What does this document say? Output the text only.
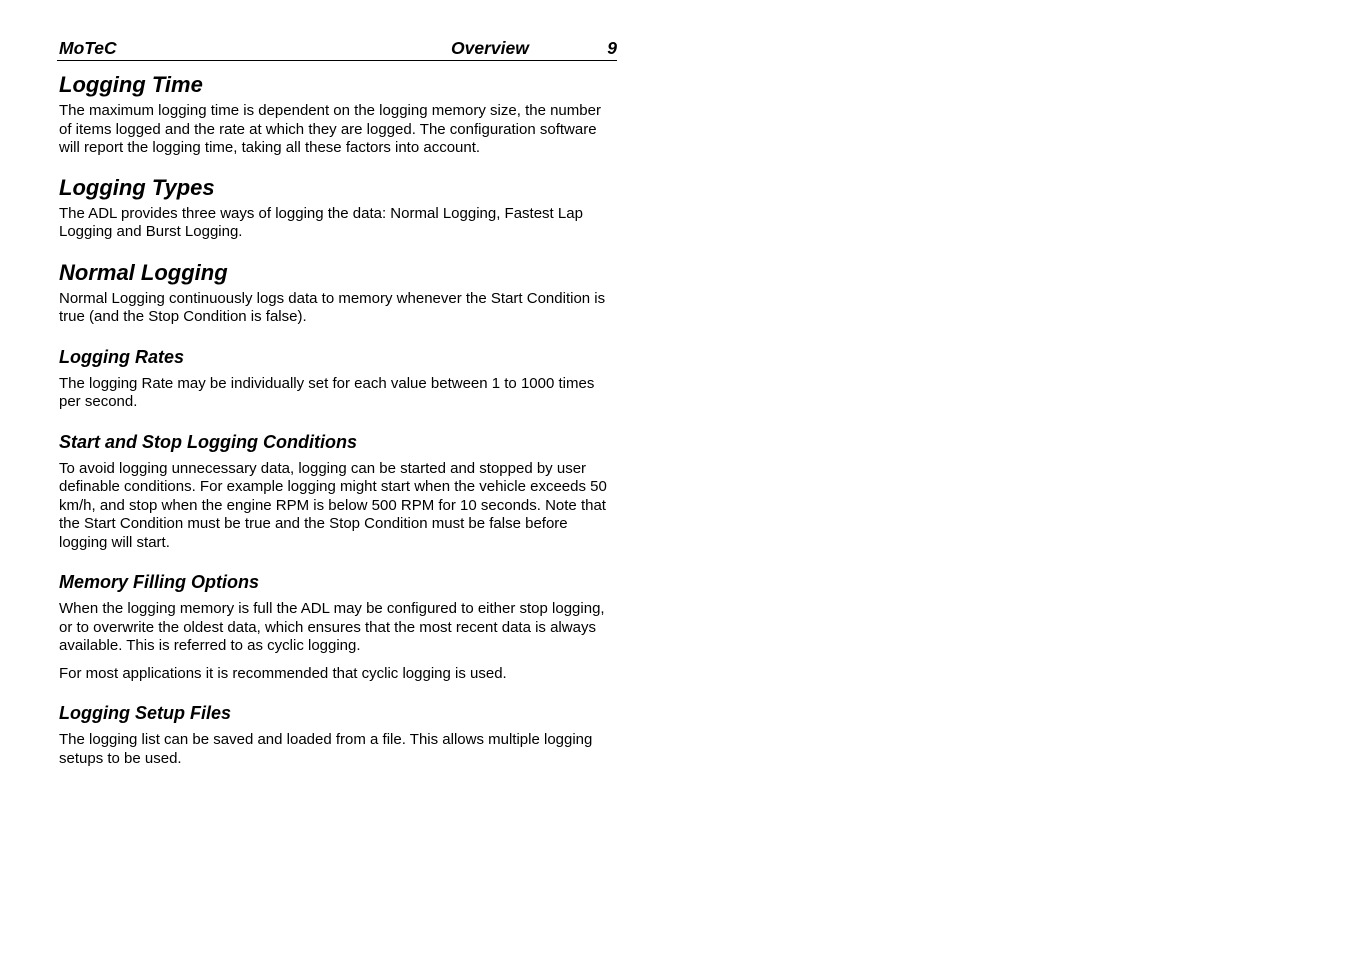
MoTeC	Overview	9
Logging Time

The maximum logging time is dependent on the logging memory size, the number of items logged and the rate at which they are logged. The configuration software will report the logging time, taking all these factors into account.

Logging Types

The ADL provides three ways of logging the data: Normal Logging, Fastest Lap Logging and Burst Logging.

Normal Logging

Normal Logging continuously logs data to memory whenever the Start Condition is true (and the Stop Condition is false).

Logging Rates

The logging Rate may be individually set for each value between 1 to 1000 times per second.

Start and Stop Logging Conditions

To avoid logging unnecessary data, logging can be started and stopped by user definable conditions. For example logging might start when the vehicle exceeds 50 km/h, and stop when the engine RPM is below 500 RPM for 10 seconds. Note that the Start Condition must be true and the Stop Condition must be false before logging will start.

Memory Filling Options

When the logging memory is full the ADL may be configured to either stop logging, or to overwrite the oldest data, which ensures that the most recent data is always available. This is referred to as cyclic logging.

For most applications it is recommended that cyclic logging is used.

Logging Setup Files

The logging list can be saved and loaded from a file. This allows multiple logging setups to be used.
